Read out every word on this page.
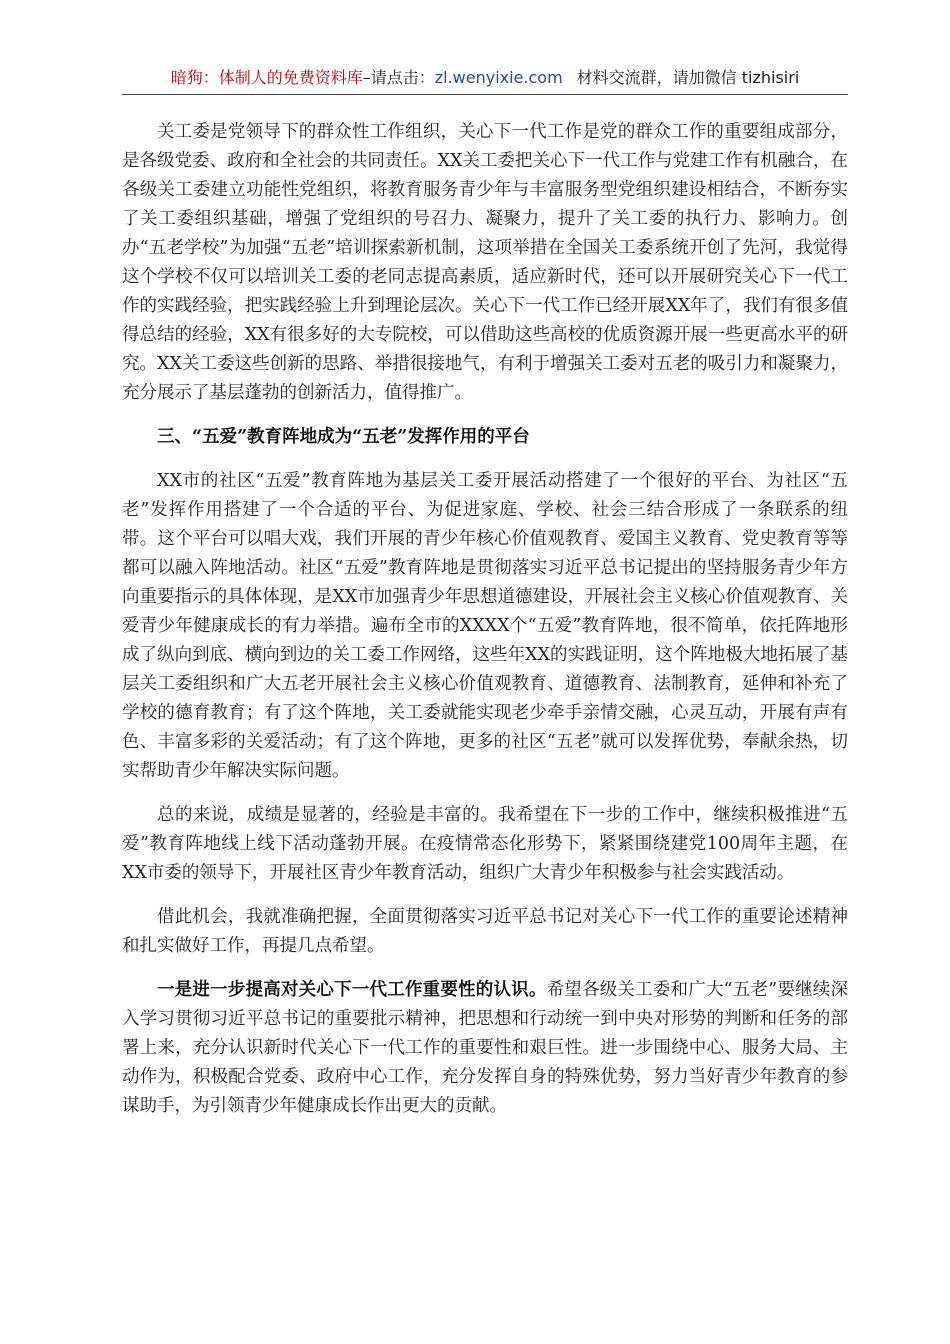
暗狗：体制人的免费资料库–请点击：zl.wenyixie.com 材料交流群，请加微信 tizhisiri

关工委是党领导下的群众性工作组织，关心下一代工作是党的群众工作的重要组成部分，是各级党委、政府和全社会的共同责任。XX关工委把关心下一代工作与党建工作有机融合，在各级关工委建立功能性党组织，将教育服务青少年与丰富服务型党组织建设相结合，不断夯实了关工委组织基础，增强了党组织的号召力、凝聚力，提升了关工委的执行力、影响力。创办“五老学校”为加强“五老”培训探索新机制，这项举措在全国关工委系统开创了先河，我觉得这个学校不仅可以培训关工委的老同志提高素质，适应新时代，还可以开展研究关心下一代工作的实践经验，把实践经验上升到理论层次。关心下一代工作已经开展XX年了，我们有很多值得总结的经验，XX有很多好的大专院校，可以借助这些高校的优质资源开展一些更高水平的研究。XX关工委这些创新的思路、举措很接地气，有利于增强关工委对五老的吸引力和凝聚力，充分展示了基层蓬勃的创新活力，值得推广。

三、“五爱”教育阵地成为“五老”发挥作用的平台

XX市的社区“五爱”教育阵地为基层关工委开展活动搭建了一个很好的平台、为社区“五老”发挥作用搭建了一个合适的平台、为促进家庭、学校、社会三结合形成了一条联系的纽带。这个平台可以唱大戏，我们开展的青少年核心价值观教育、爱国主义教育、党史教育等等都可以融入阵地活动。社区“五爱”教育阵地是贯彻落实习近平总书记提出的坚持服务青少年方向重要指示的具体体现，是XX市加强青少年思想道德建设，开展社会主义核心价值观教育、关爱青少年健康成长的有力举措。遍布全市的XXXX个“五爱”教育阵地，很不简单，依托阵地形成了纵向到底、横向到边的关工委工作网络，这些年XX的实践证明，这个阵地极大地拓展了基层关工委组织和广大五老开展社会主义核心价值观教育、道德教育、法制教育，延伸和补充了学校的德育教育；有了这个阵地，关工委就能实现老少牵手亲情交融，心灵互动，开展有声有色、丰富多彩的关爱活动；有了这个阵地，更多的社区“五老”就可以发挥优势，奉献余热，切实帮助青少年解决实际问题。

总的来说，成绩是显著的，经验是丰富的。我希望在下一步的工作中，继续积极推进“五爱”教育阵地线上线下活动蓬勃开展。在疫情常态化形势下，紧紧围绕建党100周年主题，在XX市委的领导下，开展社区青少年教育活动，组织广大青少年积极参与社会实践活动。

借此机会，我就准确把握，全面贯彻落实习近平总书记对关心下一代工作的重要论述精神和扎实做好工作，再提几点希望。

一是进一步提高对关心下一代工作重要性的认识。希望各级关工委和广大“五老”要继续深入学习贯彻习近平总书记的重要批示精神，把思想和行动统一到中央对形势的判断和任务的部署上来，充分认识新时代关心下一代工作的重要性和艰巨性。进一步围绕中心、服务大局、主动作为，积极配合党委、政府中心工作，充分发挥自身的特殊优势，努力当好青少年教育的参谋助手，为引领青少年健康成长作出更大的贡献。
